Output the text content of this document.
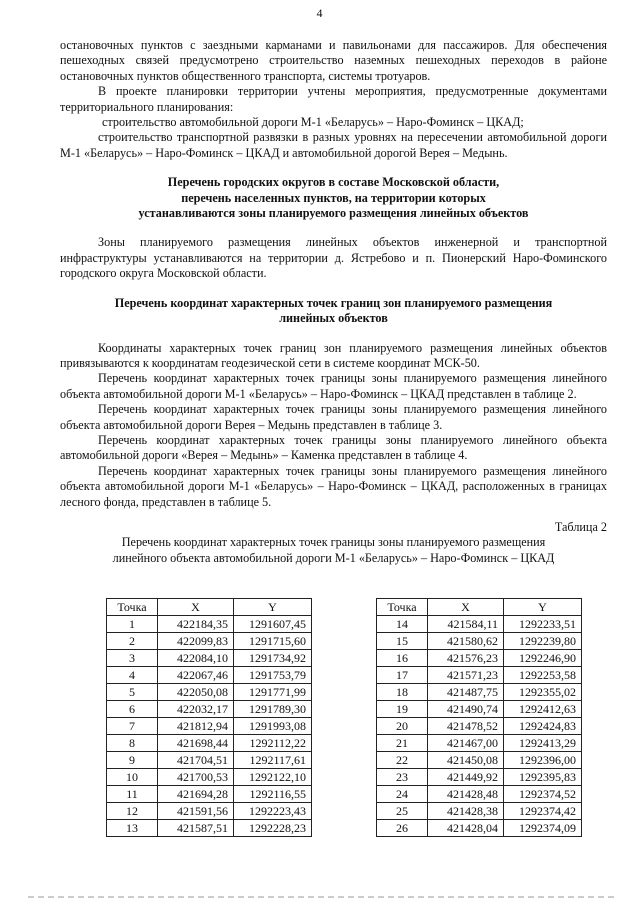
4

остановочных пунктов с заездными карманами и павильонами для пассажиров. Для обеспечения пешеходных связей предусмотрено строительство наземных пешеходных переходов в районе остановочных пунктов общественного транспорта, системы тротуаров.

В проекте планировки территории учтены мероприятия, предусмотренные документами территориального планирования:

строительство автомобильной дороги М-1 «Беларусь» – Наро-Фоминск – ЦКАД;

строительство транспортной развязки в разных уровнях на пересечении автомобильной дороги М-1 «Беларусь» – Наро-Фоминск – ЦКАД и автомобильной дорогой Верея – Медынь.

Перечень городских округов в составе Московской области,

перечень населенных пунктов, на территории которых

устанавливаются зоны планируемого размещения линейных объектов

Зоны планируемого размещения линейных объектов инженерной и транспортной инфраструктуры устанавливаются на территории д. Ястребово и п. Пионерский Наро-Фоминского городского округа Московской области.

Перечень координат характерных точек границ зон планируемого размещения

линейных объектов

Координаты характерных точек границ зон планируемого размещения линейных объектов привязываются к координатам геодезической сети в системе координат МСК-50.

Перечень координат характерных точек границы зоны планируемого размещения линейного объекта автомобильной дороги М-1 «Беларусь» – Наро-Фоминск – ЦКАД представлен в таблице 2.

Перечень координат характерных точек границы зоны планируемого размещения линейного объекта автомобильной дороги Верея – Медынь представлен в таблице 3.

Перечень координат характерных точек границы зоны планируемого линейного объекта автомобильной дороги «Верея – Медынь» – Каменка представлен в таблице 4.

Перечень координат характерных точек границы зоны планируемого размещения линейного объекта автомобильной дороги М-1 «Беларусь» – Наро-Фоминск – ЦКАД, расположенных в границах лесного фонда, представлен в таблице 5.

Таблица 2

Перечень координат характерных точек границы зоны планируемого размещения

линейного объекта автомобильной дороги М-1 «Беларусь» – Наро-Фоминск – ЦКАД

Точка	X	Y
1	422184,35	1291607,45
2	422099,83	1291715,60
3	422084,10	1291734,92
4	422067,46	1291753,79
5	422050,08	1291771,99
6	422032,17	1291789,30
7	421812,94	1291993,08
8	421698,44	1292112,22
9	421704,51	1292117,61
10	421700,53	1292122,10
11	421694,28	1292116,55
12	421591,56	1292223,43
13	421587,51	1292228,23
Точка	X	Y
14	421584,11	1292233,51
15	421580,62	1292239,80
16	421576,23	1292246,90
17	421571,23	1292253,58
18	421487,75	1292355,02
19	421490,74	1292412,63
20	421478,52	1292424,83
21	421467,00	1292413,29
22	421450,08	1292396,00
23	421449,92	1292395,83
24	421428,48	1292374,52
25	421428,38	1292374,42
26	421428,04	1292374,09
